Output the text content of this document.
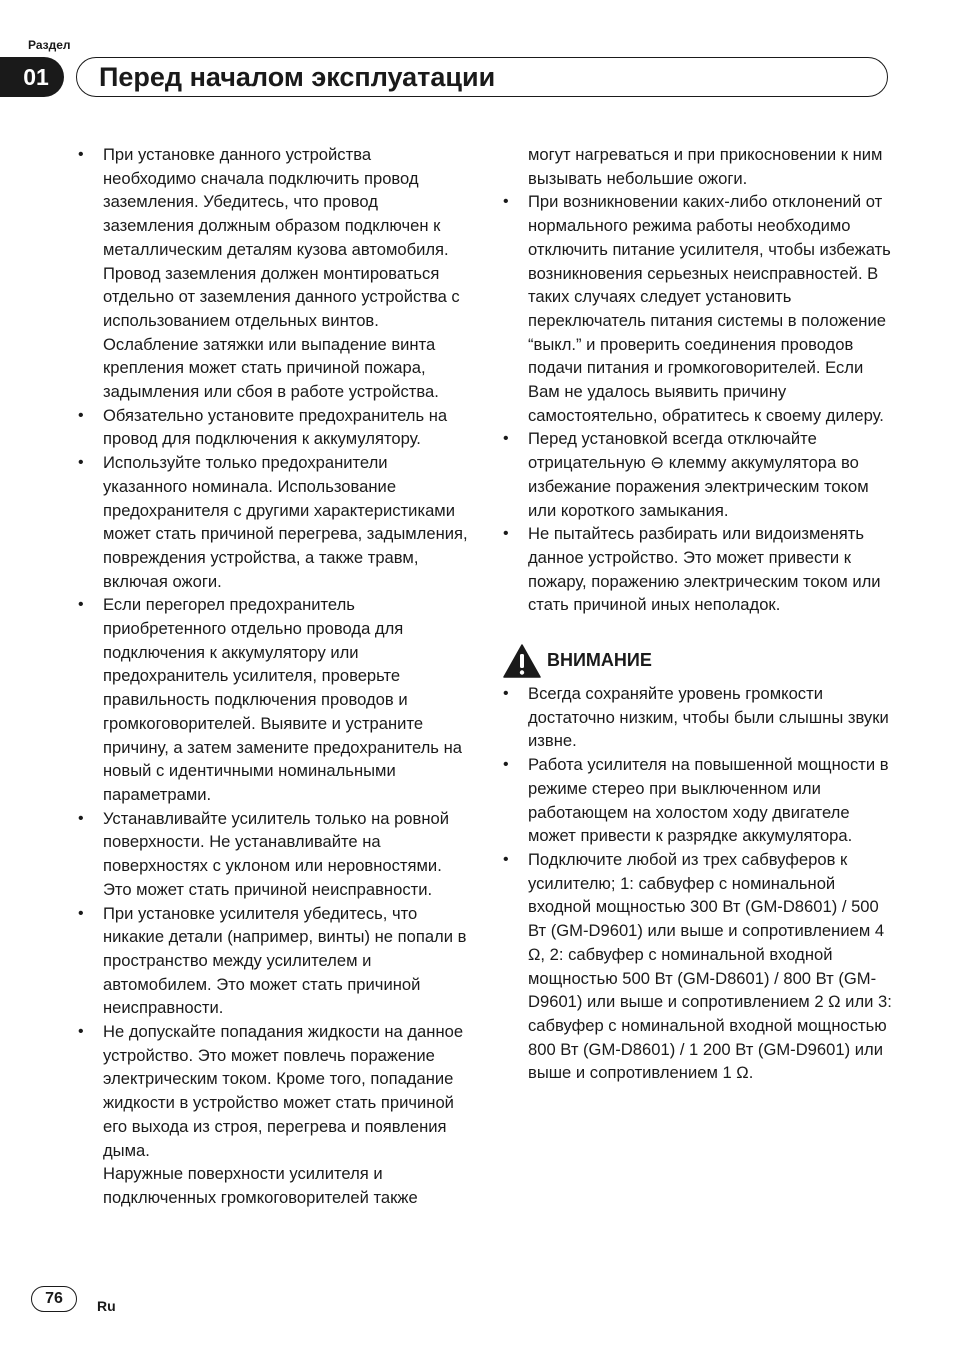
Раздел
01	Перед началом эксплуатации
• При установке данного устройства необходимо сначала подключить провод заземления. Убедитесь, что провод заземления должным образом подключен к металлическим деталям кузова автомобиля. Провод заземления должен монтироваться отдельно от заземления данного устройства с использованием отдельных винтов. Ослабление затяжки или выпадение винта крепления может стать причиной пожара, задымления или сбоя в работе устройства.
• Обязательно установите предохранитель на провод для подключения к аккумулятору.
• Используйте только предохранители указанного номинала. Использование предохранителя с другими характеристиками может стать причиной перегрева, задымления, повреждения устройства, а также травм, включая ожоги.
• Если перегорел предохранитель приобретенного отдельно провода для подключения к аккумулятору или предохранитель усилителя, проверьте правильность подключения проводов и громкоговорителей. Выявите и устраните причину, а затем замените предохранитель на новый с идентичными номинальными параметрами.
• Устанавливайте усилитель только на ровной поверхности. Не устанавливайте на поверхностях с уклоном или неровностями. Это может стать причиной неисправности.
• При установке усилителя убедитесь, что никакие детали (например, винты) не попали в пространство между усилителем и автомобилем. Это может стать причиной неисправности.
• Не допускайте попадания жидкости на данное устройство. Это может повлечь поражение электрическим током. Кроме того, попадание жидкости в устройство может стать причиной его выхода из строя, перегрева и появления дыма.
Наружные поверхности усилителя и подключенных громкоговорителей также
могут нагреваться и при прикосновении к ним вызывать небольшие ожоги.
• При возникновении каких-либо отклонений от нормального режима работы необходимо отключить питание усилителя, чтобы избежать возникновения серьезных неисправностей. В таких случаях следует установить переключатель питания системы в положение “выкл.” и проверить соединения проводов подачи питания и громкоговорителей. Если Вам не удалось выявить причину самостоятельно, обратитесь к своему дилеру.
• Перед установкой всегда отключайте отрицательную ⊖ клемму аккумулятора во избежание поражения электрическим током или короткого замыкания.
• Не пытайтесь разбирать или видоизменять данное устройство. Это может привести к пожару, поражению электрическим током или стать причиной иных неполадок.
ВНИМАНИЕ
• Всегда сохраняйте уровень громкости достаточно низким, чтобы были слышны звуки извне.
• Работа усилителя на повышенной мощности в режиме стерео при выключенном или работающем на холостом ходу двигателе может привести к разрядке аккумулятора.
• Подключите любой из трех сабвуферов к усилителю; 1: сабвуфер с номинальной входной мощностью 300 Вт (GM-D8601) / 500 Вт (GM-D9601) или выше и сопротивлением 4 Ω, 2: сабвуфер с номинальной входной мощностью 500 Вт (GM-D8601) / 800 Вт (GM-D9601) или выше и сопротивлением 2 Ω или 3: сабвуфер с номинальной входной мощностью 800 Вт (GM-D8601) / 1 200 Вт (GM-D9601) или выше и сопротивлением 1 Ω.
76	Ru
